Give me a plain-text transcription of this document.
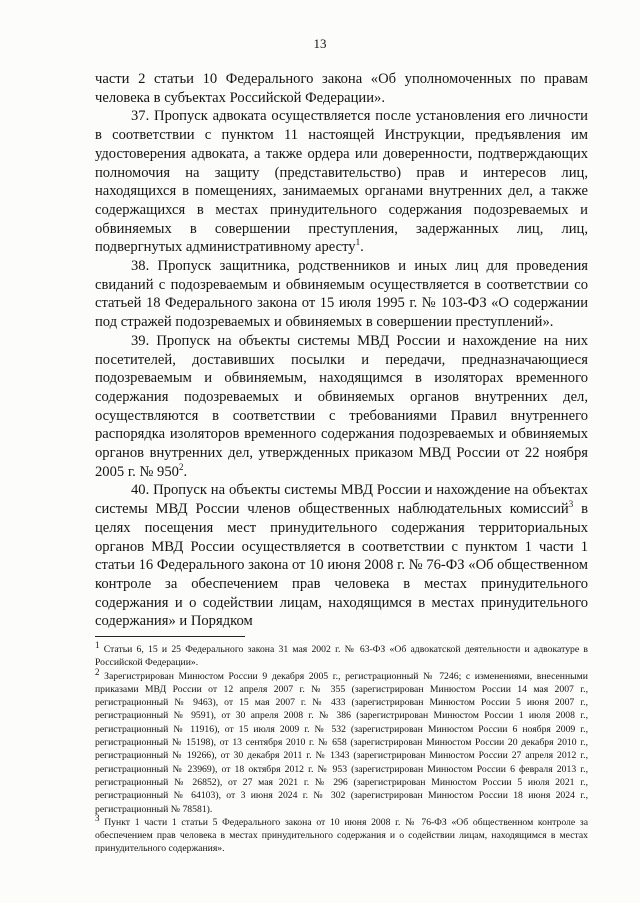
13

части 2 статьи 10 Федерального закона «Об уполномоченных по правам человека в субъектах Российской Федерации».

37. Пропуск адвоката осуществляется после установления его личности в соответствии с пунктом 11 настоящей Инструкции, предъявления им удостоверения адвоката, а также ордера или доверенности, подтверждающих полномочия на защиту (представительство) прав и интересов лиц, находящихся в помещениях, занимаемых органами внутренних дел, а также содержащихся в местах принудительного содержания подозреваемых и обвиняемых в совершении преступления, задержанных лиц, лиц, подвергнутых административному аресту$^1$.

38. Пропуск защитника, родственников и иных лиц для проведения свиданий с подозреваемым и обвиняемым осуществляется в соответствии со статьей 18 Федерального закона от 15 июля 1995 г. № 103-ФЗ «О содержании под стражей подозреваемых и обвиняемых в совершении преступлений».

39. Пропуск на объекты системы МВД России и нахождение на них посетителей, доставивших посылки и передачи, предназначающиеся подозреваемым и обвиняемым, находящимся в изоляторах временного содержания подозреваемых и обвиняемых органов внутренних дел, осуществляются в соответствии с требованиями Правил внутреннего распорядка изоляторов временного содержания подозреваемых и обвиняемых органов внутренних дел, утвержденных приказом МВД России от 22 ноября 2005 г. № $950^2$.

40. Пропуск на объекты системы МВД России и нахождение на объектах системы МВД России членов общественных наблюдательных комиссий$^3$ в целях посещения мест принудительного содержания территориальных органов МВД России осуществляется в соответствии с пунктом 1 части 1 статьи 16 Федерального закона от 10 июня 2008 г. № 76-ФЗ «Об общественном контроле за обеспечением прав человека в местах принудительного содержания и о содействии лицам, находящимся в местах принудительного содержания» и Порядком

$^1$ Статьи 6, 15 и 25 Федерального закона 31 мая 2002 г. № 63-ФЗ «Об адвокатской деятельности и адвокатуре в Российской Федерации».

$^2$ Зарегистрирован Минюстом России 9 декабря 2005 г., регистрационный № 7246; с изменениями, внесенными приказами МВД России от 12 апреля 2007 г. № 355 (зарегистрирован Минюстом России 14 мая 2007 г., регистрационный № 9463), от 15 мая 2007 г. № 433 (зарегистрирован Минюстом России 5 июня 2007 г., регистрационный № 9591), от 30 апреля 2008 г. № 386 (зарегистрирован Минюстом России 1 июля 2008 г., регистрационный № 11916), от 15 июля 2009 г. № 532 (зарегистрирован Минюстом России 6 ноября 2009 г., регистрационный № 15198), от 13 сентября 2010 г. № 658 (зарегистрирован Минюстом России 20 декабря 2010 г., регистрационный № 19266), от 30 декабря 2011 г. № 1343 (зарегистрирован Минюстом России 27 апреля 2012 г., регистрационный № 23969), от 18 октября 2012 г. № 953 (зарегистрирован Минюстом России 6 февраля 2013 г., регистрационный № 26852), от 27 мая 2021 г. № 296 (зарегистрирован Минюстом России 5 июля 2021 г., регистрационный № 64103), от 3 июня 2024 г. № 302 (зарегистрирован Минюстом России 18 июня 2024 г., регистрационный № 78581).

$^3$ Пункт 1 части 1 статьи 5 Федерального закона от 10 июня 2008 г. № 76-ФЗ «Об общественном контроле за обеспечением прав человека в местах принудительного содержания и о содействии лицам, находящимся в местах принудительного содержания».
